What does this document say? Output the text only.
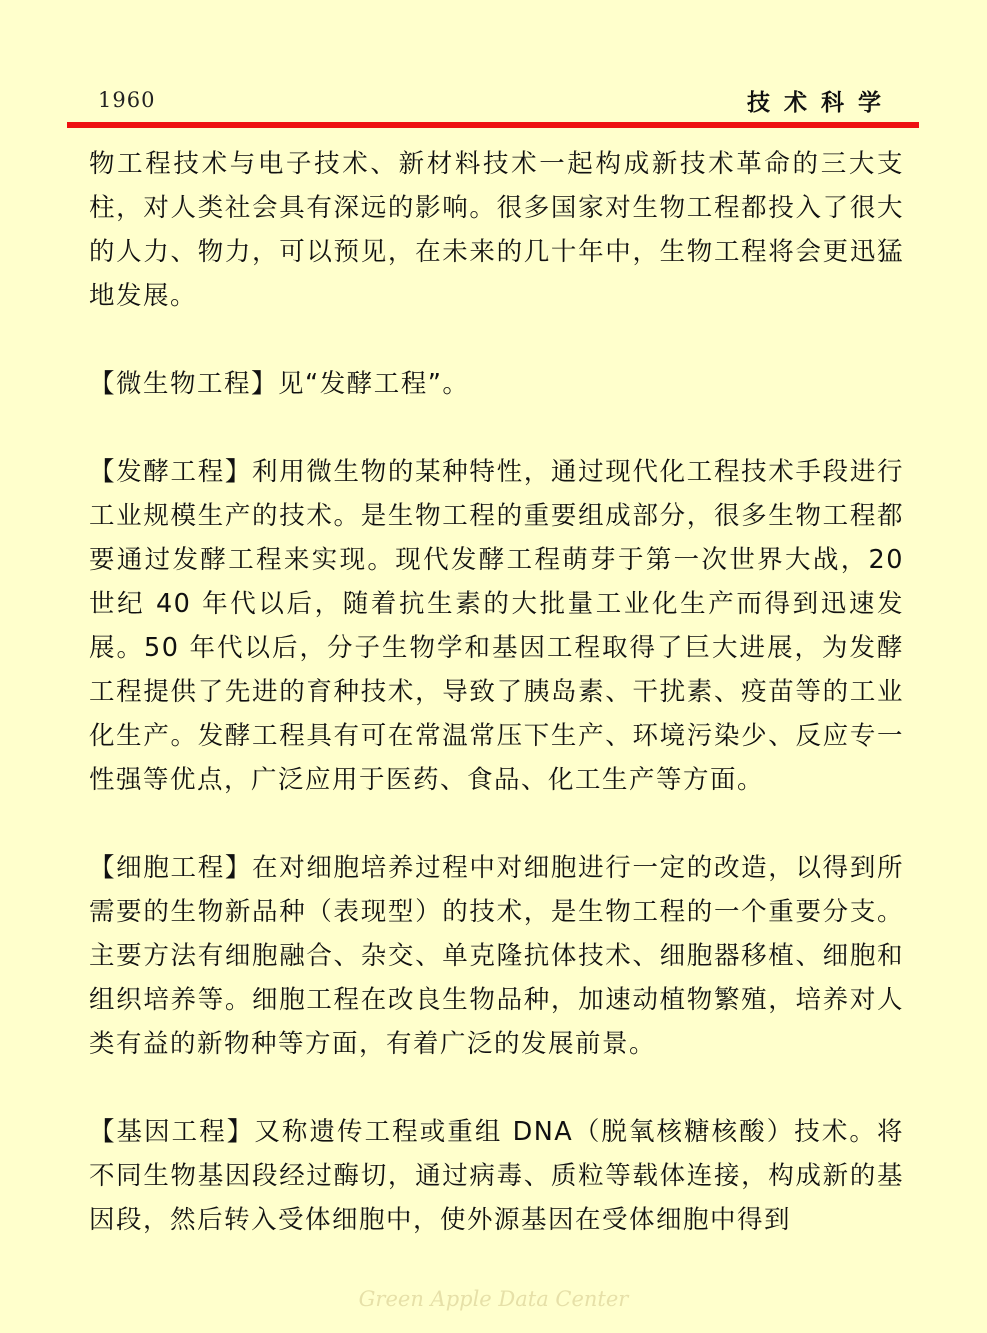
1960	技术科学

物工程技术与电子技术、新材料技术一起构成新技术革命的三大支柱，对人类社会具有深远的影响。很多国家对生物工程都投入了很大的人力、物力，可以预见，在未来的几十年中，生物工程将会更迅猛地发展。

【微生物工程】见“发酵工程”。

【发酵工程】利用微生物的某种特性，通过现代化工程技术手段进行工业规模生产的技术。是生物工程的重要组成部分，很多生物工程都要通过发酵工程来实现。现代发酵工程萌芽于第一次世界大战，20 世纪 40 年代以后，随着抗生素的大批量工业化生产而得到迅速发展。50 年代以后，分子生物学和基因工程取得了巨大进展，为发酵工程提供了先进的育种技术，导致了胰岛素、干扰素、疫苗等的工业化生产。发酵工程具有可在常温常压下生产、环境污染少、反应专一性强等优点，广泛应用于医药、食品、化工生产等方面。

【细胞工程】在对细胞培养过程中对细胞进行一定的改造，以得到所需要的生物新品种（表现型）的技术，是生物工程的一个重要分支。主要方法有细胞融合、杂交、单克隆抗体技术、细胞器移植、细胞和组织培养等。细胞工程在改良生物品种，加速动植物繁殖，培养对人类有益的新物种等方面，有着广泛的发展前景。

【基因工程】又称遗传工程或重组 DNA（脱氧核糖核酸）技术。将不同生物基因段经过酶切，通过病毒、质粒等载体连接，构成新的基因段，然后转入受体细胞中，使外源基因在受体细胞中得到

Green Apple Data Center
